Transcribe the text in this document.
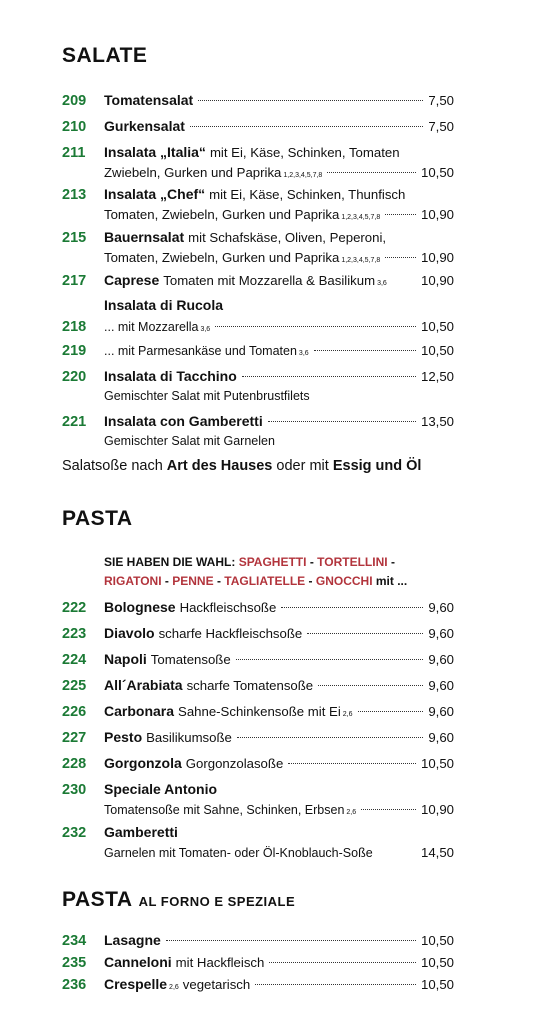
SALATE
209	Tomatensalat	7,50
210	Gurkensalat	7,50
211	Insalata „Italia“ mit Ei, Käse, Schinken, Tomaten
Zwiebeln, Gurken und Paprika 1,2,3,4,5,7,8	10,50
213	Insalata „Chef“ mit Ei, Käse, Schinken, Thunfisch
Tomaten, Zwiebeln, Gurken und Paprika 1,2,3,4,5,7,8	10,90
215	Bauernsalat mit Schafskäse, Oliven, Peperoni,
Tomaten, Zwiebeln, Gurken und Paprika 1,2,3,4,5,7,8	10,90
217	Caprese Tomaten mit Mozzarella & Basilikum 3,6	10,90
Insalata di Rucola
218	... mit Mozzarella 3,6	10,50
219	... mit Parmesankäse und Tomaten 3,6	10,50
220	Insalata di Tacchino	12,50
Gemischter Salat mit Putenbrustfilets
221	Insalata con Gamberetti	13,50
Gemischter Salat mit Garnelen
Salatsoße nach Art des Hauses oder mit Essig und Öl
PASTA
SIE HABEN DIE WAHL: SPAGHETTI - TORTELLINI -
RIGATONI - PENNE - TAGLIATELLE - GNOCCHI mit ...
222	Bolognese Hackfleischsoße	9,60
223	Diavolo scharfe Hackfleischsoße	9,60
224	Napoli Tomatensoße	9,60
225	All´Arabiata scharfe Tomatensoße	9,60
226	Carbonara Sahne-Schinkensoße mit Ei 2,6	9,60
227	Pesto Basilikumsoße	9,60
228	Gorgonzola Gorgonzolasoße	10,50
230	Speciale Antonio
Tomatensoße mit Sahne, Schinken, Erbsen 2,6	10,90
232	Gamberetti
Garnelen mit Tomaten- oder Öl-Knoblauch-Soße	14,50
PASTA AL FORNO E SPEZIALE
234	Lasagne	10,50
235	Canneloni mit Hackfleisch	10,50
236	Crespelle 2,6 vegetarisch	10,50
